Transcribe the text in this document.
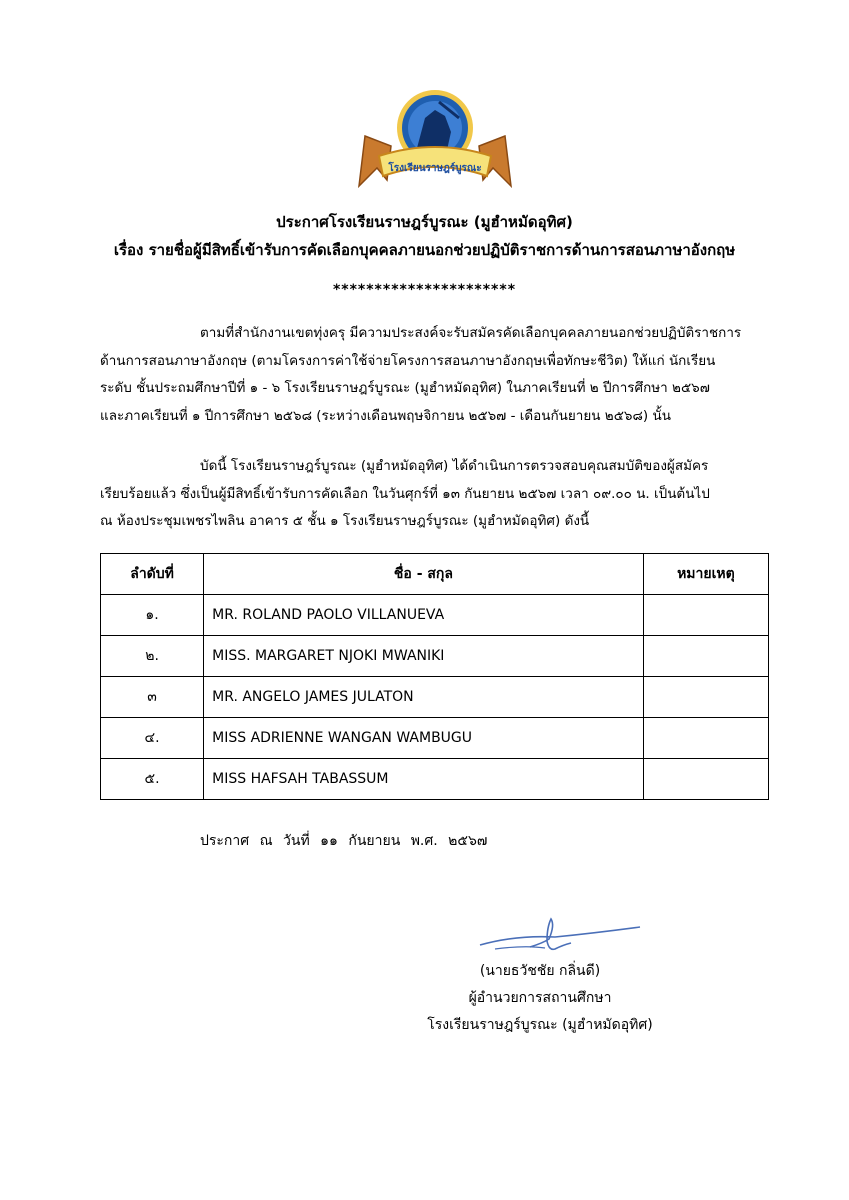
โรงเรียนราษฎร์บูรณะ
ประกาศโรงเรียนราษฎร์บูรณะ (มูฮำหมัดอุทิศ)
เรื่อง รายชื่อผู้มีสิทธิ์เข้ารับการคัดเลือกบุคคลภายนอกช่วยปฏิบัติราชการด้านการสอนภาษาอังกฤษ
**********************
ตามที่สำนักงานเขตทุ่งครุ มีความประสงค์จะรับสมัครคัดเลือกบุคคลภายนอกช่วยปฏิบัติราชการ
ด้านการสอนภาษาอังกฤษ (ตามโครงการค่าใช้จ่ายโครงการสอนภาษาอังกฤษเพื่อทักษะชีวิต) ให้แก่ นักเรียน
ระดับ ชั้นประถมศึกษาปีที่ ๑ - ๖ โรงเรียนราษฎร์บูรณะ (มูฮำหมัดอุทิศ) ในภาคเรียนที่ ๒ ปีการศึกษา ๒๕๖๗
และภาคเรียนที่ ๑ ปีการศึกษา ๒๕๖๘ (ระหว่างเดือนพฤษจิกายน ๒๕๖๗ - เดือนกันยายน ๒๕๖๘) นั้น
บัดนี้ โรงเรียนราษฎร์บูรณะ (มูฮำหมัดอุทิศ) ได้ดำเนินการตรวจสอบคุณสมบัติของผู้สมัคร
เรียบร้อยแล้ว ซึ่งเป็นผู้มีสิทธิ์เข้ารับการคัดเลือก ในวันศุกร์ที่ ๑๓ กันยายน ๒๕๖๗ เวลา ๐๙.๐๐ น. เป็นต้นไป
ณ ห้องประชุมเพชรไพลิน อาคาร ๕ ชั้น ๑ โรงเรียนราษฎร์บูรณะ (มูฮำหมัดอุทิศ) ดังนี้
ลำดับที่	ชื่อ - สกุล	หมายเหตุ
๑.	MR. ROLAND PAOLO VILLANUEVA	
๒.	MISS. MARGARET NJOKI MWANIKI	
๓	MR. ANGELO JAMES JULATON	
๔.	MISS ADRIENNE WANGAN WAMBUGU	
๕.	MISS HAFSAH TABASSUM	
ประกาศ ณ วันที่ ๑๑ กันยายน พ.ศ. ๒๕๖๗
(นายธวัชชัย กลิ่นดี)
ผู้อำนวยการสถานศึกษา
โรงเรียนราษฎร์บูรณะ (มูฮำหมัดอุทิศ)
